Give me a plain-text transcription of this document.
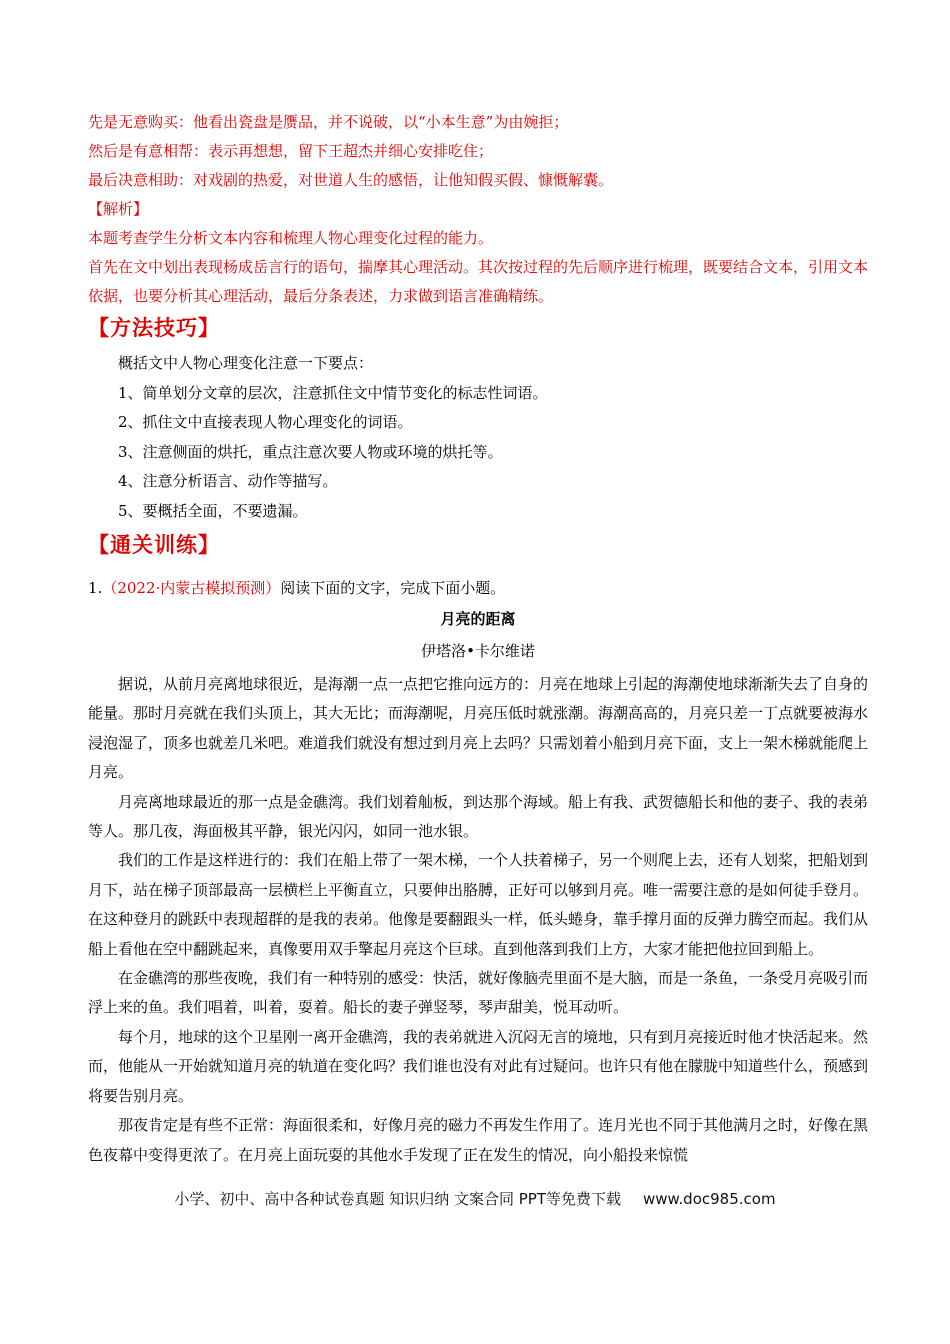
先是无意购买：他看出瓷盘是赝品，并不说破，以“小本生意”为由婉拒；
然后是有意相帮：表示再想想，留下王超杰并细心安排吃住；
最后决意相助：对戏剧的热爱，对世道人生的感悟，让他知假买假、慷慨解囊。
【解析】
本题考查学生分析文本内容和梳理人物心理变化过程的能力。
首先在文中划出表现杨成岳言行的语句，揣摩其心理活动。其次按过程的先后顺序进行梳理，既要结合文本，引用文本依据，也要分析其心理活动，最后分条表述，力求做到语言准确精练。
【方法技巧】
概括文中人物心理变化注意一下要点：
1、简单划分文章的层次，注意抓住文中情节变化的标志性词语。
2、抓住文中直接表现人物心理变化的词语。
3、注意侧面的烘托，重点注意次要人物或环境的烘托等。
4、注意分析语言、动作等描写。
5、要概括全面，不要遗漏。
【通关训练】
1.（2022·内蒙古模拟预测）阅读下面的文字，完成下面小题。
月亮的距离
伊塔洛•卡尔维诺

据说，从前月亮离地球很近，是海潮一点一点把它推向远方的：月亮在地球上引起的海潮使地球渐渐失去了自身的能量。那时月亮就在我们头顶上，其大无比；而海潮呢，月亮压低时就涨潮。海潮高高的，月亮只差一丁点就要被海水浸泡湿了，顶多也就差几米吧。难道我们就没有想过到月亮上去吗？只需划着小船到月亮下面，支上一架木梯就能爬上月亮。

月亮离地球最近的那一点是金礁湾。我们划着舢板，到达那个海域。船上有我、武贺德船长和他的妻子、我的表弟等人。那几夜，海面极其平静，银光闪闪，如同一池水银。

我们的工作是这样进行的：我们在船上带了一架木梯，一个人扶着梯子，另一个则爬上去，还有人划桨，把船划到月下，站在梯子顶部最高一层横栏上平衡直立，只要伸出胳膊，正好可以够到月亮。唯一需要注意的是如何徒手登月。在这种登月的跳跃中表现超群的是我的表弟。他像是要翻跟头一样，低头蜷身，靠手撑月面的反弹力腾空而起。我们从船上看他在空中翻跳起来，真像要用双手擎起月亮这个巨球。直到他落到我们上方，大家才能把他拉回到船上。

在金礁湾的那些夜晚，我们有一种特别的感受：快活，就好像脑壳里面不是大脑，而是一条鱼，一条受月亮吸引而浮上来的鱼。我们唱着，叫着，耍着。船长的妻子弹竖琴，琴声甜美，悦耳动听。

每个月，地球的这个卫星刚一离开金礁湾，我的表弟就进入沉闷无言的境地，只有到月亮接近时他才快活起来。然而，他能从一开始就知道月亮的轨道在变化吗？我们谁也没有对此有过疑问。也许只有他在朦胧中知道些什么，预感到将要告别月亮。

那夜肯定是有些不正常：海面很柔和，好像月亮的磁力不再发生作用了。连月光也不同于其他满月之时，好像在黑色夜幕中变得更浓了。在月亮上面玩耍的其他水手发现了正在发生的情况，向小船投来惊慌

小学、初中、高中各种试卷真题 知识归纳 文案合同 PPT等免费下载 www.doc985.com
